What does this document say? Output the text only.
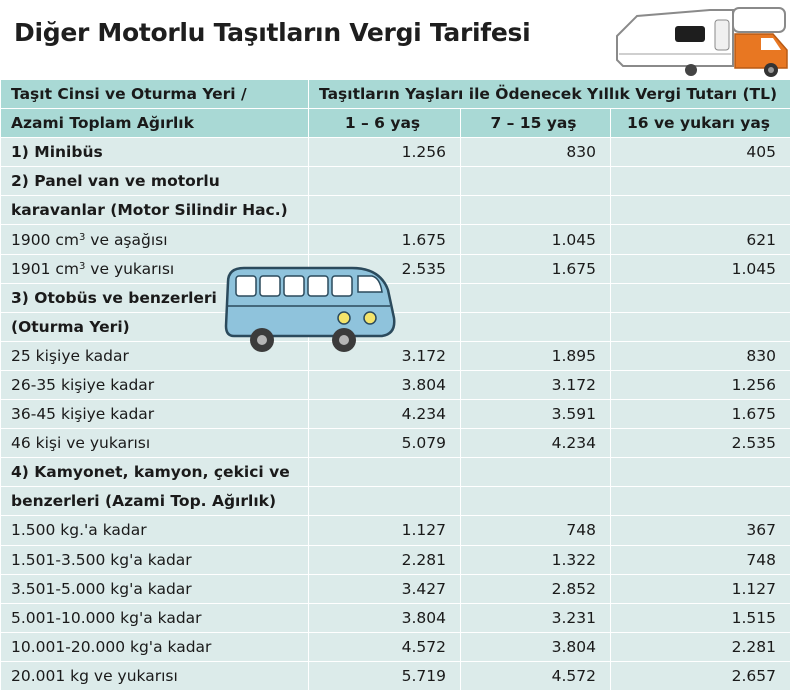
Diğer Motorlu Taşıtların Vergi Tarifesi
Taşıt Cinsi ve Oturma Yeri /	Taşıtların Yaşları ile Ödenecek Yıllık Vergi Tutarı (TL)		
Azami Toplam Ağırlık	1 – 6 yaş	7 – 15 yaş	16 ve yukarı yaş
1) Minibüs	1.256	830	405
2) Panel van ve motorlu			
karavanlar (Motor Silindir Hac.)			
1900 $cm^3$ ve aşağısı	1.675	1.045	621
1901 $cm^3$ ve yukarısı	2.535	1.675	1.045
3) Otobüs ve benzerleri			
(Oturma Yeri)			
25 kişiye kadar	3.172	1.895	830
26-35 kişiye kadar	3.804	3.172	1.256
36-45 kişiye kadar	4.234	3.591	1.675
46 kişi ve yukarısı	5.079	4.234	2.535
4) Kamyonet, kamyon, çekici ve			
benzerleri (Azami Top. Ağırlık)			
1.500 kg.'a kadar	1.127	748	367
1.501-3.500 kg'a kadar	2.281	1.322	748
3.501-5.000 kg'a kadar	3.427	2.852	1.127
5.001-10.000 kg'a kadar	3.804	3.231	1.515
10.001-20.000 kg'a kadar	4.572	3.804	2.281
20.001 kg ve yukarısı	5.719	4.572	2.657
